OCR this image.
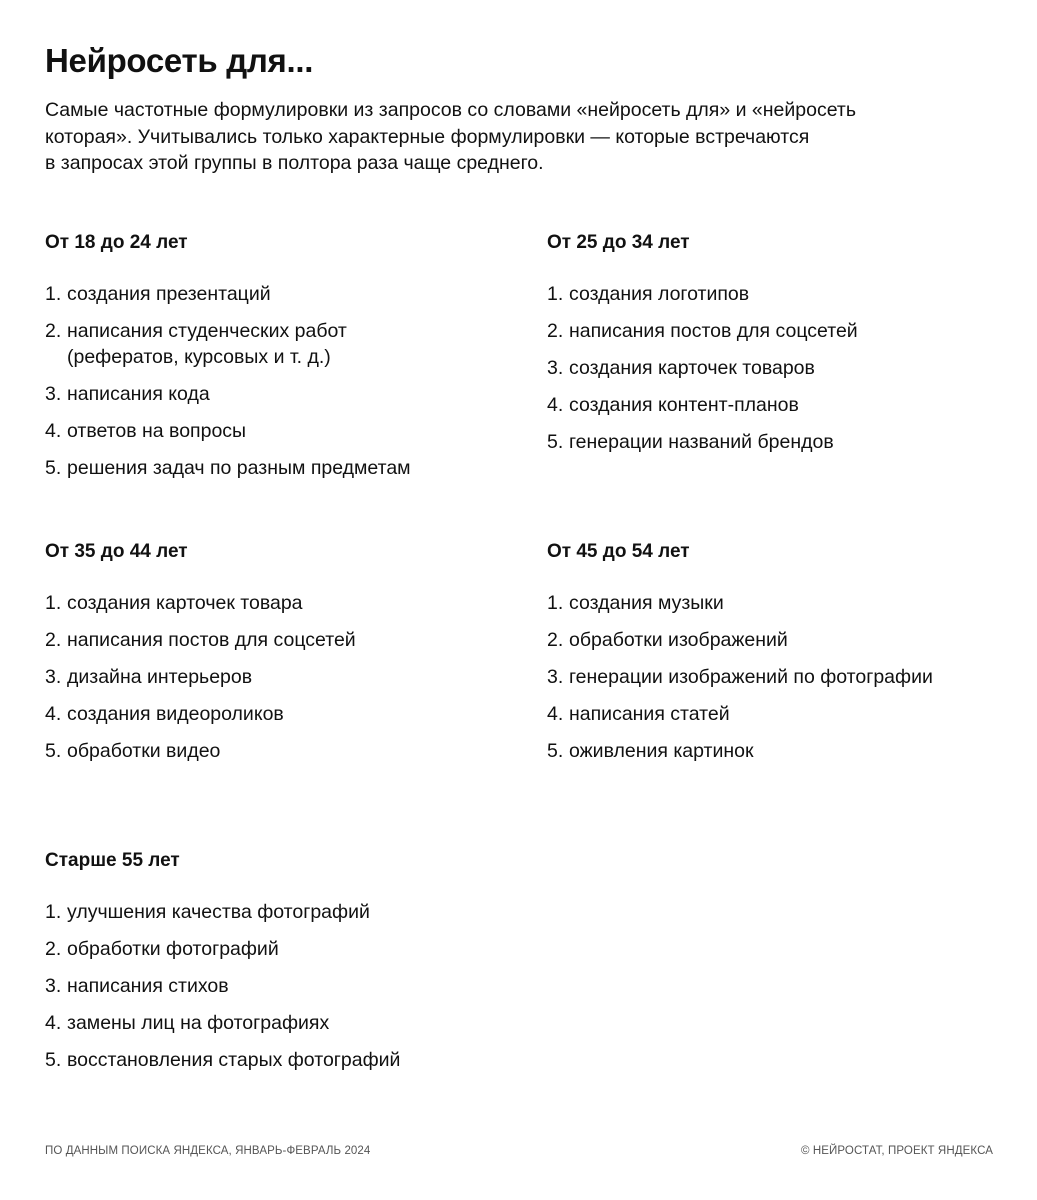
Нейросеть для...

Самые частотные формулировки из запросов со словами «нейросеть для» и «нейросеть
которая». Учитывались только характерные формулировки — которые встречаются
в запросах этой группы в полтора раза чаще среднего.

От 18 до 24 лет
1. создания презентаций
2. написания студенческих работ (рефератов, курсовых и т. д.)
3. написания кода
4. ответов на вопросы
5. решения задач по разным предметам
От 25 до 34 лет
1. создания логотипов
2. написания постов для соцсетей
3. создания карточек товаров
4. создания контент-планов
5. генерации названий брендов
От 35 до 44 лет
1. создания карточек товара
2. написания постов для соцсетей
3. дизайна интерьеров
4. создания видеороликов
5. обработки видео
От 45 до 54 лет
1. создания музыки
2. обработки изображений
3. генерации изображений по фотографии
4. написания статей
5. оживления картинок
Старше 55 лет
1. улучшения качества фотографий
2. обработки фотографий
3. написания стихов
4. замены лиц на фотографиях
5. восстановления старых фотографий
ПО ДАННЫМ ПОИСКА ЯНДЕКСА, ЯНВАРЬ-ФЕВРАЛЬ 2024	© НЕЙРОСТАТ, ПРОЕКТ ЯНДЕКСА
